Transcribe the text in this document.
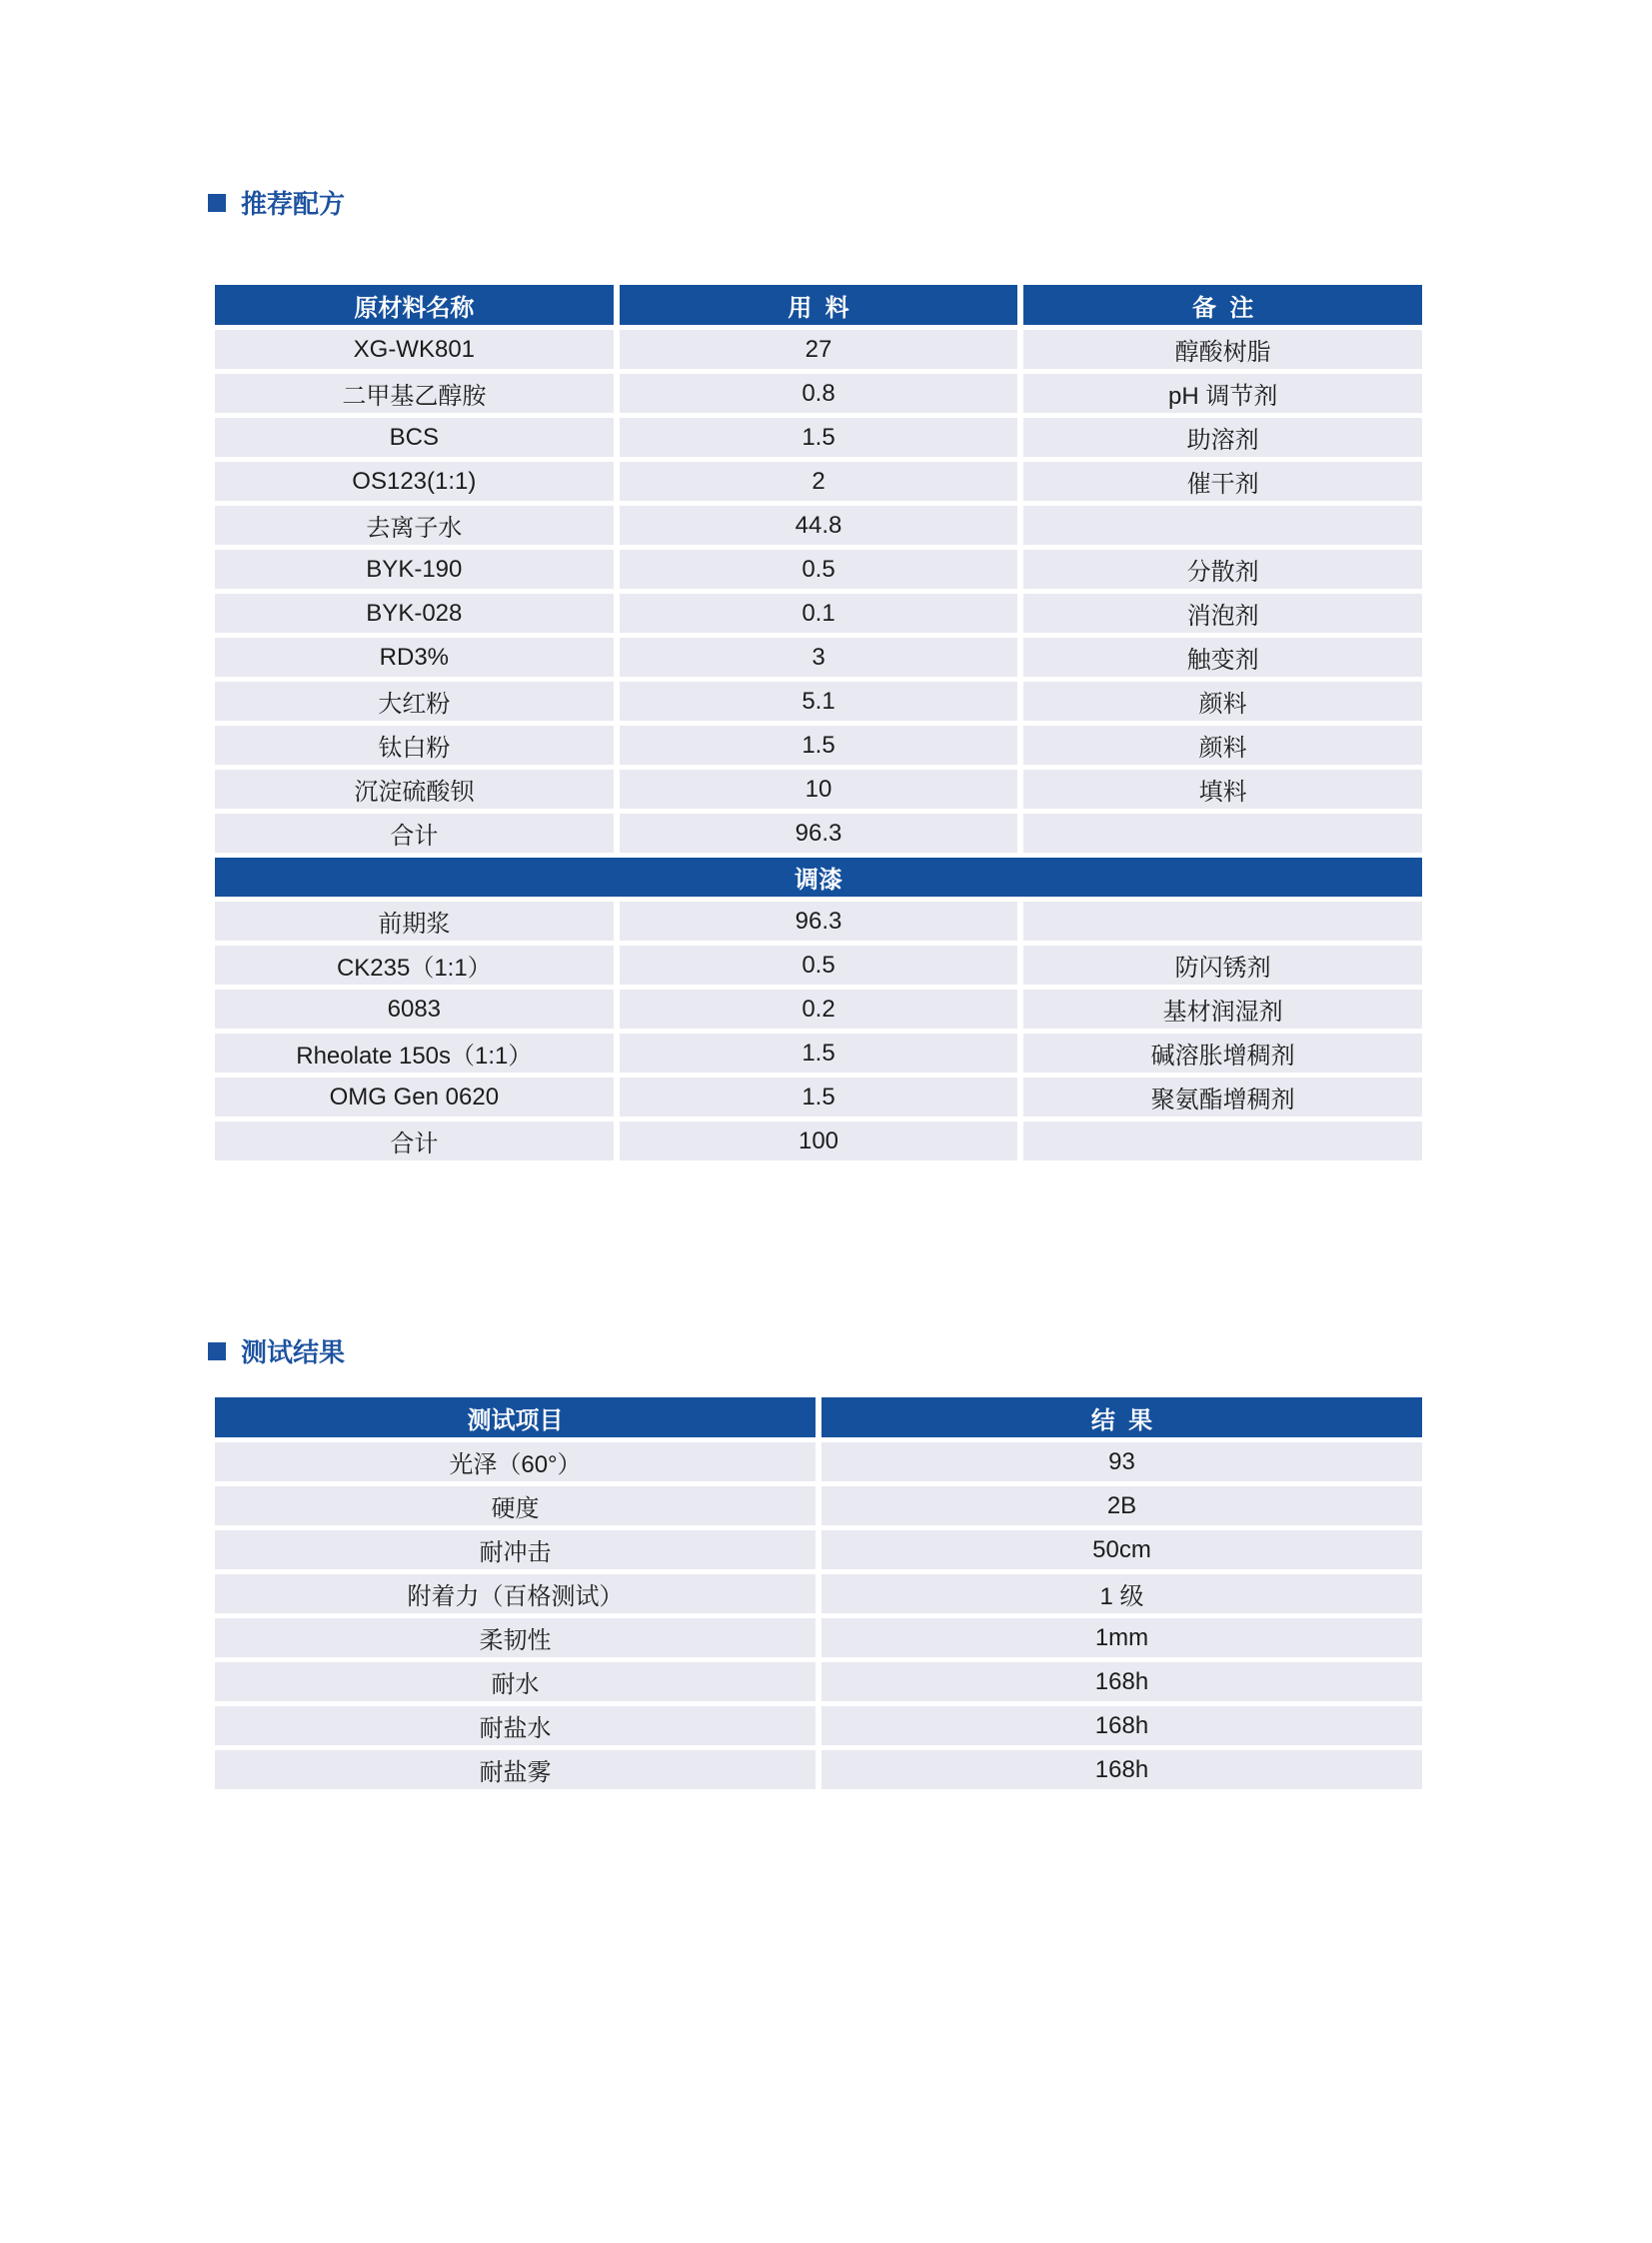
推荐配方
原材料名称	用  料	备  注
XG-WK801	27	醇酸树脂
二甲基乙醇胺	0.8	pH 调节剂
BCS	1.5	助溶剂
OS123(1:1)	2	催干剂
去离子水	44.8
BYK-190	0.5	分散剂
BYK-028	0.1	消泡剂
RD3%	3	触变剂
大红粉	5.1	颜料
钛白粉	1.5	颜料
沉淀硫酸钡	10	填料
合计	96.3
调漆
前期浆	96.3
CK235（1:1）	0.5	防闪锈剂
6083	0.2	基材润湿剂
Rheolate 150s（1:1）	1.5	碱溶胀增稠剂
OMG Gen 0620	1.5	聚氨酯增稠剂
合计	100
测试结果
测试项目	结  果
光泽（60°）	93
硬度	2B
耐冲击	50cm
附着力（百格测试）	1 级
柔韧性	1mm
耐水	168h
耐盐水	168h
耐盐雾	168h
